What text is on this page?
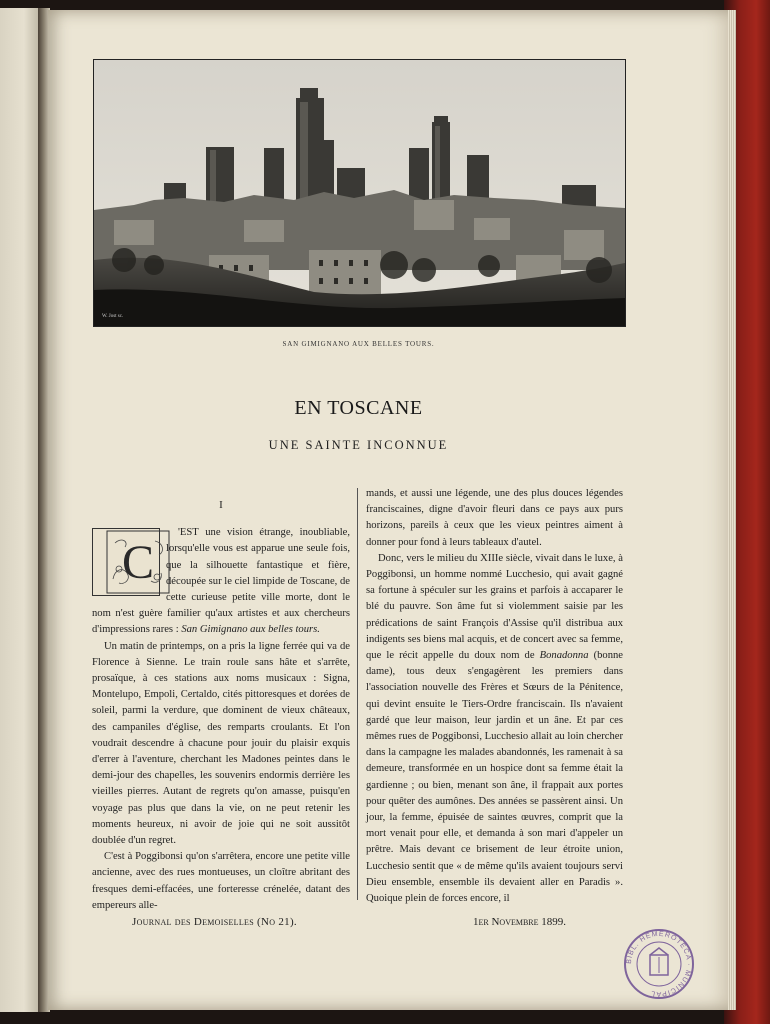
W. Jost sc.
SAN GIMIGNANO AUX BELLES TOURS.
EN TOSCANE
UNE SAINTE INCONNUE
I

C
'EST une vision étrange, inoubliable, lorsqu'elle vous est apparue une seule fois, que la silhouette fantastique et fière, découpée sur le ciel limpide de Toscane, de cette curieuse petite ville morte, dont le nom n'est guère familier qu'aux artistes et aux chercheurs d'impressions rares : San Gimignano aux belles tours.

Un matin de printemps, on a pris la ligne ferrée qui va de Florence à Sienne. Le train roule sans hâte et s'arrête, prosaïque, à ces stations aux noms musicaux : Signa, Montelupo, Empoli, Certaldo, cités pittoresques et dorées de soleil, parmi la verdure, que dominent de vieux châteaux, des campaniles d'église, des remparts croulants. Et l'on voudrait descendre à chacune pour jouir du plaisir exquis d'errer à l'aventure, cherchant les Madones peintes dans le demi-jour des chapelles, les souvenirs endormis derrière les vieilles pierres. Autant de regrets qu'on amasse, puisqu'en voyage pas plus que dans la vie, on ne peut retenir les moments heureux, ni avoir de joie qui ne soit aussitôt doublée d'un regret.

C'est à Poggibonsi qu'on s'arrêtera, encore une petite ville ancienne, avec des rues montueuses, un cloître abritant des fresques demi-effacées, une forteresse crénelée, datant des empereurs alle-

mands, et aussi une légende, une des plus douces légendes franciscaines, digne d'avoir fleuri dans ce pays aux purs horizons, pareils à ceux que les vieux peintres aiment à donner pour fond à leurs tableaux d'autel.

Donc, vers le milieu du XIIIe siècle, vivait dans le luxe, à Poggibonsi, un homme nommé Lucchesio, qui avait gagné sa fortune à spéculer sur les grains et parfois à accaparer le blé du pauvre. Son âme fut si violemment saisie par les prédications de saint François d'Assise qu'il distribua aux indigents ses biens mal acquis, et de concert avec sa femme, que le récit appelle du doux nom de Bonadonna (bonne dame), tous deux s'engagèrent les premiers dans l'association nouvelle des Frères et Sœurs de la Pénitence, qui devint ensuite le Tiers-Ordre franciscain. Ils n'avaient gardé que leur maison, leur jardin et un âne. Et par ces mêmes rues de Poggibonsi, Lucchesio allait au loin chercher dans la campagne les malades abandonnés, les ramenait à sa demeure, transformée en un hospice dont sa femme était la gardienne ; ou bien, menant son âne, il frappait aux portes pour quêter des aumônes. Des années se passèrent ainsi. Un jour, la femme, épuisée de saintes œuvres, comprit que la mort venait pour elle, et demanda à son mari d'appeler un prêtre. Mais devant ce brisement de leur étroite union, Lucchesio sentit que « de même qu'ils avaient toujours servi Dieu ensemble, ensemble ils devaient aller en Paradis ». Quoique plein de forces encore, il

Journal des Demoiselles (No 21).	1er Novembre 1899.
BIBL. HEMEROTECA · MUNICIPAL
